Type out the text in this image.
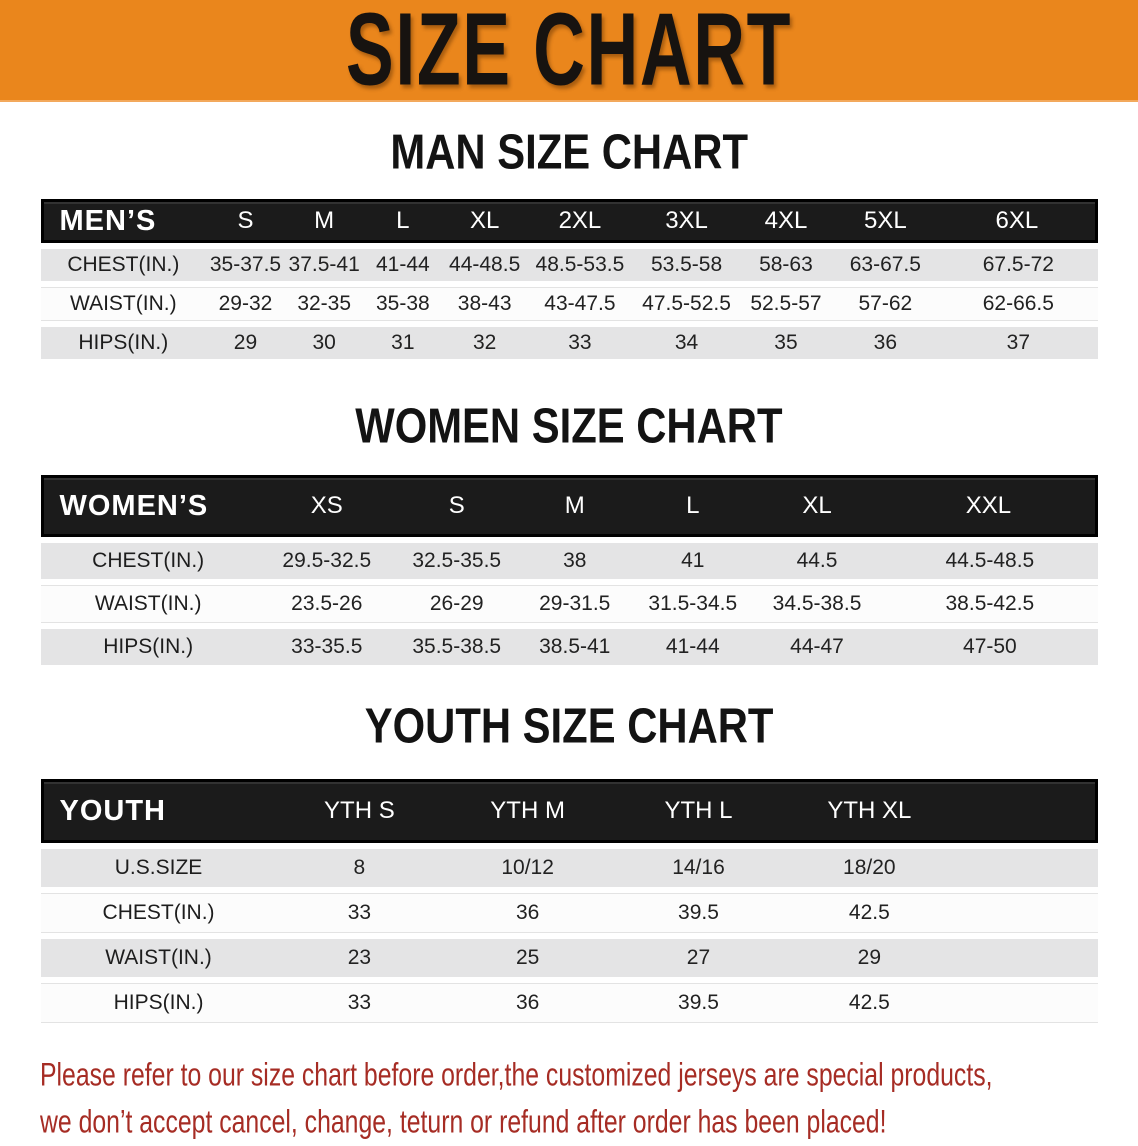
SIZE CHART
MAN SIZE CHART
MEN’S	S	M	L	XL	2XL	3XL	4XL	5XL	6XL
CHEST(IN.)	35-37.5	37.5-41	41-44	44-48.5	48.5-53.5	53.5-58	58-63	63-67.5	67.5-72
WAIST(IN.)	29-32	32-35	35-38	38-43	43-47.5	47.5-52.5	52.5-57	57-62	62-66.5
HIPS(IN.)	29	30	31	32	33	34	35	36	37
WOMEN SIZE CHART
WOMEN’S	XS	S	M	L	XL	XXL
CHEST(IN.)	29.5-32.5	32.5-35.5	38	41	44.5	44.5-48.5
WAIST(IN.)	23.5-26	26-29	29-31.5	31.5-34.5	34.5-38.5	38.5-42.5
HIPS(IN.)	33-35.5	35.5-38.5	38.5-41	41-44	44-47	47-50
YOUTH SIZE CHART
YOUTH	YTH S	YTH M	YTH L	YTH XL	
U.S.SIZE	8	10/12	14/16	18/20	
CHEST(IN.)	33	36	39.5	42.5	
WAIST(IN.)	23	25	27	29	
HIPS(IN.)	33	36	39.5	42.5	

Please refer to our size chart before order,the customized jerseys are special products,

we don’t accept cancel, change, teturn or refund after order has been placed!
